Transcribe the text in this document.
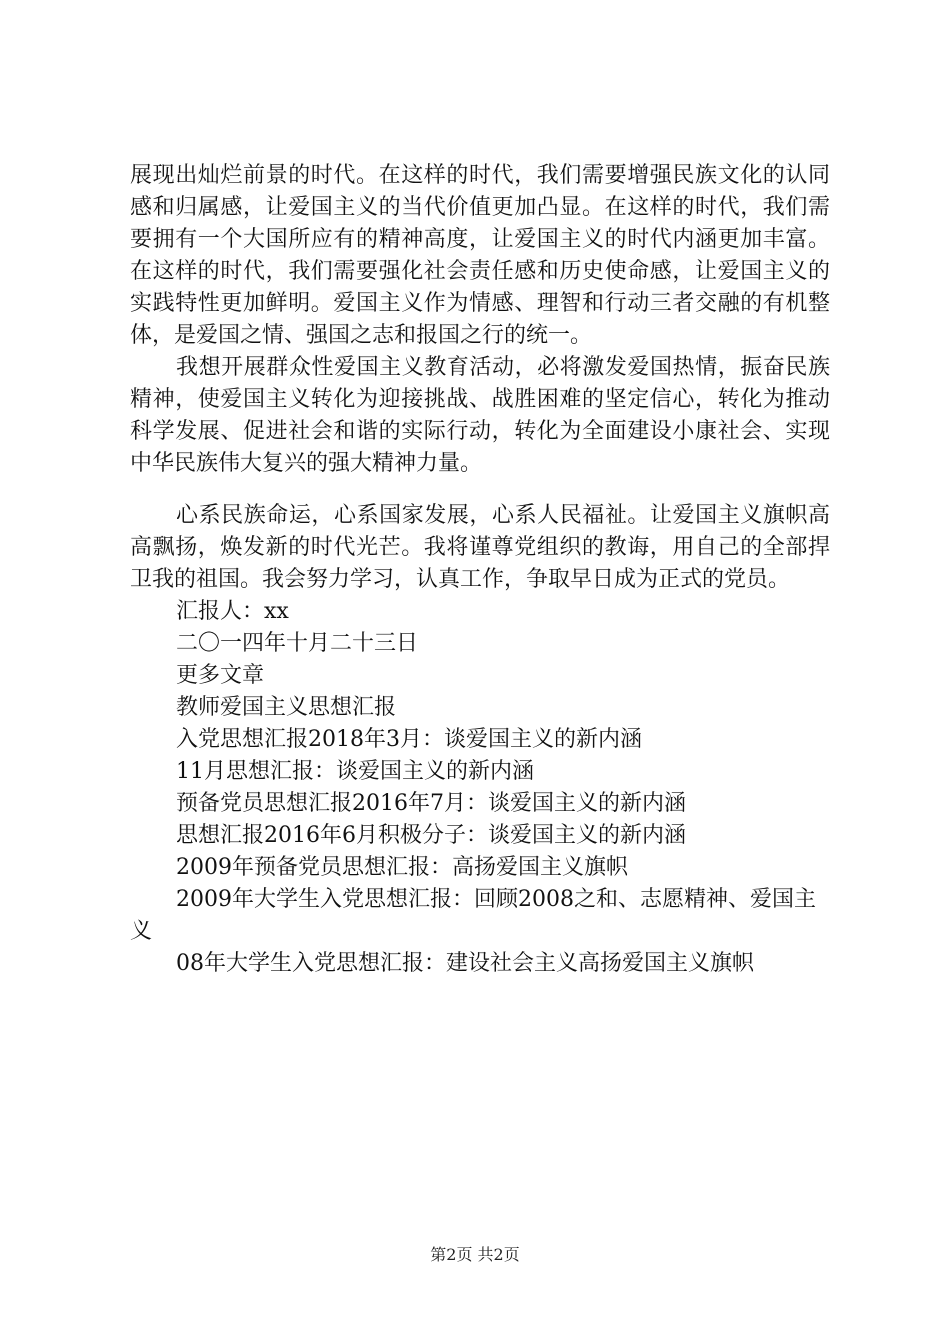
展现出灿烂前景的时代。在这样的时代，我们需要增强民族文化的认同感和归属感，让爱国主义的当代价值更加凸显。在这样的时代，我们需要拥有一个大国所应有的精神高度，让爱国主义的时代内涵更加丰富。在这样的时代，我们需要强化社会责任感和历史使命感，让爱国主义的实践特性更加鲜明。爱国主义作为情感、理智和行动三者交融的有机整体，是爱国之情、强国之志和报国之行的统一。

我想开展群众性爱国主义教育活动，必将激发爱国热情，振奋民族精神，使爱国主义转化为迎接挑战、战胜困难的坚定信心，转化为推动科学发展、促进社会和谐的实际行动，转化为全面建设小康社会、实现中华民族伟大复兴的强大精神力量。

心系民族命运，心系国家发展，心系人民福祉。让爱国主义旗帜高高飘扬，焕发新的时代光芒。我将谨尊党组织的教诲，用自己的全部捍卫我的祖国。我会努力学习，认真工作，争取早日成为正式的党员。

汇报人：xx

二〇一四年十月二十三日

更多文章

教师爱国主义思想汇报

入党思想汇报2018年3月：谈爱国主义的新内涵

11月思想汇报：谈爱国主义的新内涵

预备党员思想汇报2016年7月：谈爱国主义的新内涵

思想汇报2016年6月积极分子：谈爱国主义的新内涵

2009年预备党员思想汇报：高扬爱国主义旗帜

2009年大学生入党思想汇报：回顾2008之和、志愿精神、爱国主义

08年大学生入党思想汇报：建设社会主义高扬爱国主义旗帜

第2页 共2页
